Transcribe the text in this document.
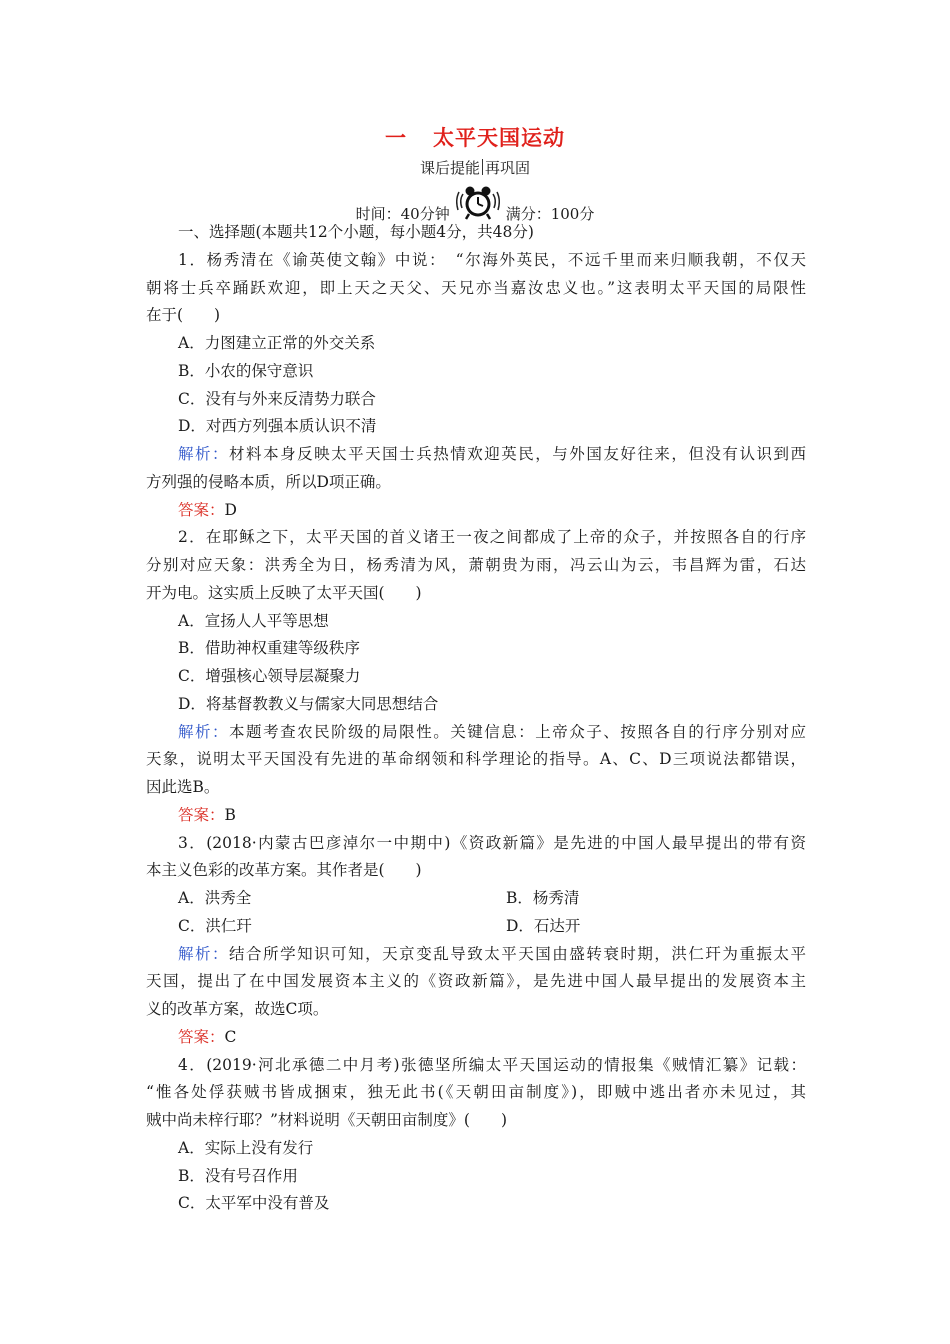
一 太平天国运动
课后提能 再巩固
时间：40分钟	满分：100分
一、选择题(本题共12个小题，每小题4分，共48分)
1．杨秀清在《谕英使文翰》中说：　“尔海外英民，不远千里而来归顺我朝，不仅天
朝将士兵卒踊跃欢迎，即上天之天父、天兄亦当嘉汝忠义也。”这表明太平天国的局限性
在于(　　)
A．力图建立正常的外交关系
B．小农的保守意识
C．没有与外来反清势力联合
D．对西方列强本质认识不清
解析：材料本身反映太平天国士兵热情欢迎英民，与外国友好往来，但没有认识到西
方列强的侵略本质，所以D项正确。
答案：D
2．在耶稣之下，太平天国的首义诸王一夜之间都成了上帝的众子，并按照各自的行序
分别对应天象：洪秀全为日，杨秀清为风，萧朝贵为雨，冯云山为云，韦昌辉为雷，石达
开为电。这实质上反映了太平天国(　　)
A．宣扬人人平等思想
B．借助神权重建等级秩序
C．增强核心领导层凝聚力
D．将基督教教义与儒家大同思想结合
解析：本题考查农民阶级的局限性。关键信息：上帝众子、按照各自的行序分别对应
天象，说明太平天国没有先进的革命纲领和科学理论的指导。A、C、D三项说法都错误，
因此选B。
答案：B
3．(2018·内蒙古巴彦淖尔一中期中)《资政新篇》是先进的中国人最早提出的带有资
本主义色彩的改革方案。其作者是(　　)
A．洪秀全	B．杨秀清
C．洪仁玕	D．石达开
解析：结合所学知识可知，天京变乱导致太平天国由盛转衰时期，洪仁玕为重振太平
天国，提出了在中国发展资本主义的《资政新篇》，是先进中国人最早提出的发展资本主
义的改革方案，故选C项。
答案：C
4．(2019·河北承德二中月考)张德坚所编太平天国运动的情报集《贼情汇纂》记载：
“惟各处俘获贼书皆成捆束，独无此书(《天朝田亩制度》)，即贼中逃出者亦未见过，其
贼中尚未梓行耶？”材料说明《天朝田亩制度》(　　)
A．实际上没有发行
B．没有号召作用
C．太平军中没有普及
